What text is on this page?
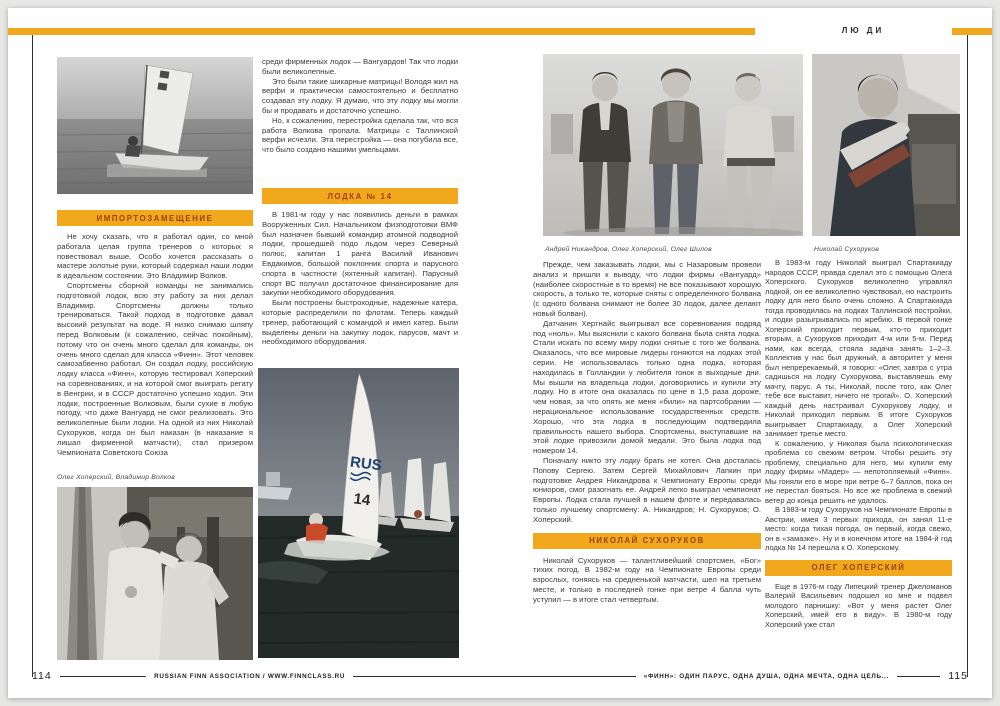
ЛЮ ДИ
ИМПОРТОЗАМЕЩЕНИЕ

Не хочу сказать, что я работал один, со мной работала целая группа тренеров о которых я повествовал выше. Особо хочется рассказать о мастере золотые руки, который содержал наши лодки в идеальном состоянии. Это Владимир Волков.

Спортсмены сборной команды не занимались подготовкой лодок, всю эту работу за них делал Владимир. Спортсмены должны только тренироваться. Такой подход в подготовке давал высокий результат на воде. Я низко снимаю шляпу перед Волковым (к сожалению, сейчас покойным), потому что он очень много сделал для команды, он очень много сделал для класса «Финн». Этот человек самозабвенно работал. Он создал лодку, российскую лодку класса «Финн», которую тестировал Хоперский на соревнованиях, и на которой смог выиграть регату в Венгрии, и в СССР достаточно успешно ходил. Эти лодки, построенные Волковым, были сухие в любую погоду, что даже Вангуард не смог реализовать. Это великолепные были лодки. На одной из них Николай Сухоруков, когда он был наказан (в наказание я лишал фирменной матчасти), стал призером Чемпионата Советского Союза

Олег Хоперский, Владимир Волков

среди фирменных лодок — Вангуардов! Так что лодки были великолепные.

Это были такие шикарные матрицы! Володя жил на верфи и практически самостоятельно и бесплатно создавал эту лодку. Я думаю, что эту лодку мы могли бы и продавать и достаточно успешно.

Но, к сожалению, перестройка сделала так, что вся работа Волкова пропала. Матрицы с Таллинской верфи исчезли. Эта перестройка — она погубила все, что было создано нашими умельцами.

ЛОДКА № 14

В 1981-м году у нас появились деньги в рамках Вооруженных Сил. Начальником физподготовки ВМФ был назначен бывший командир атомной подводной лодки, прошедшей подо льдом через Северный полюс, капитан 1 ранга Василий Иванович Евдакимов, большой поклонник спорта и парусного спорта в частности (яхтенный капитан). Парусный спорт ВС получил достаточное финансирование для закупки необходимого оборудования.

Были построены быстроходные, надежные катера, которые распределили по флотам. Теперь каждый тренер, работающий с командой и имел катер. Были выделены деньги на закупку лодок, парусов, мачт и необходимого оборудования.

RUS
14
Андрей Никандров, Олег Хоперский, Олег Шилов	Николай Сухоруков

Прежде, чем заказывать лодки, мы с Назаровым провели анализ и пришли к выводу, что лодки фирмы «Вангуард» (наиболее скоростные в то время) не все показывают хорошую скорость, а только те, которые сняты с определенного болвана (с одного болвана снимают не более 30 лодок, далее делают новый болван).

Датчанин Хертнайс выигрывал все соревнования подряд под «ноль». Мы выяснили с какого болвана была снята лодка. Стали искать по всему миру лодки снятые с того же болвана. Оказалось, что все мировые лидеры гоняются на лодках этой серии. Не использовалась только одна лодка, которая находилась в Голландии у любителя гонок в выходные дни. Мы вышли на владельца лодки, договорились и купили эту лодку. Но в итоге она оказалась по цене в 1,5 раза дороже, чем новая, за что опять же меня «били» на партсобрании — нерациональное использование государственных средств. Хорошо, что эта лодка в последующим подтвердила правильность нашего выбора. Спортсмены, выступавшие на этой лодке привозили домой медали. Это была лодка под номером 14.

Поначалу никто эту лодку брать не хотел. Она досталась Попову Сергею. Затем Сергей Михайлович Лапкин при подготовке Андрея Никандрова к Чемпионату Европы среди юниоров, смог разогнать ее. Андрей легко выиграл чемпионат Европы. Лодка стала лучшей в нашем флоте и передавалась только лучшему спортсмену: А. Никандров; Н. Сухоруков; О. Хоперский.

НИКОЛАЙ СУХОРУКОВ

Николай Сухоруков — талантливейший спортсмен, «Бог» тихих погод. В 1982-м году на Чемпионате Европы среди взрослых, гоняясь на средненькой матчасти, шел на третьем месте, и только в последней гонке при ветре 4 балла чуть уступил — в итоге стал четвертым.

В 1983-м году Николай выиграл Спартакиаду народов СССР, правда сделал это с помощью Олега Хоперского. Сухоруков великолепно управлял лодкой, он ее великолепно чувствовал, но настроить лодку для него было очень сложно. А Спартакиада тогда проводилась на лодках Таллинской постройки, и лодки разыгрывались по жребию. В первой гонке Хоперский приходит первым, кто-то приходит вторым, а Сухоруков приходит 4-м или 5-м. Перед нами, как всегда, стояла задача занять 1–2–3. Коллектив у нас был дружный, а авторитет у меня был непререкаемый, я говорю: «Олег, завтра с утра садишься на лодку Сухорукова, выставляешь ему мачту, парус. А ты, Николай, после того, как Олег тебе все выставит, ничего не трогай». О. Хоперский каждый день настраивал Сухорукову лодку, и Николай приходил первым. В итоге Сухоруков выигрывает Спартакиаду, а Олег Хоперский занимает третье место.

К сожалению, у Николая была психологическая проблема со свежим ветром. Чтобы решить эту проблему, специально для него, мы купили ему лодку фирмы «Мадер» — непотопляемый «Финн». Мы гоняли его в море при ветре 6–7 баллов, пока он не перестал бояться. Но все же проблема в свежий ветер до конца решить не удалось.

В 1983-м году Сухоруков на Чемпионате Европы в Австрии, имея 3 первых прихода, он занял 11-е место: когда тихая погода, он первый, когда свежо, он в «замазке». Ну и в конечном итоге на 1984-й год лодка № 14 перешла к О. Хоперскому.

ОЛЕГ ХОПЕРСКИЙ

Еще в 1976-м году Липецкий тренер Джеломанов Валерий Васильевич подошел ко мне и подвел молодого парнишку: «Вот у меня растет Олег Хоперский, имей его в виду». В 1980-м году Хоперский уже стал

114	RUSSIAN FINN ASSOCIATION / WWW.FINNCLASS.RU	«ФИНН»: ОДИН ПАРУС, ОДНА ДУША, ОДНА МЕЧТА, ОДНА ЦЕЛЬ...	115
